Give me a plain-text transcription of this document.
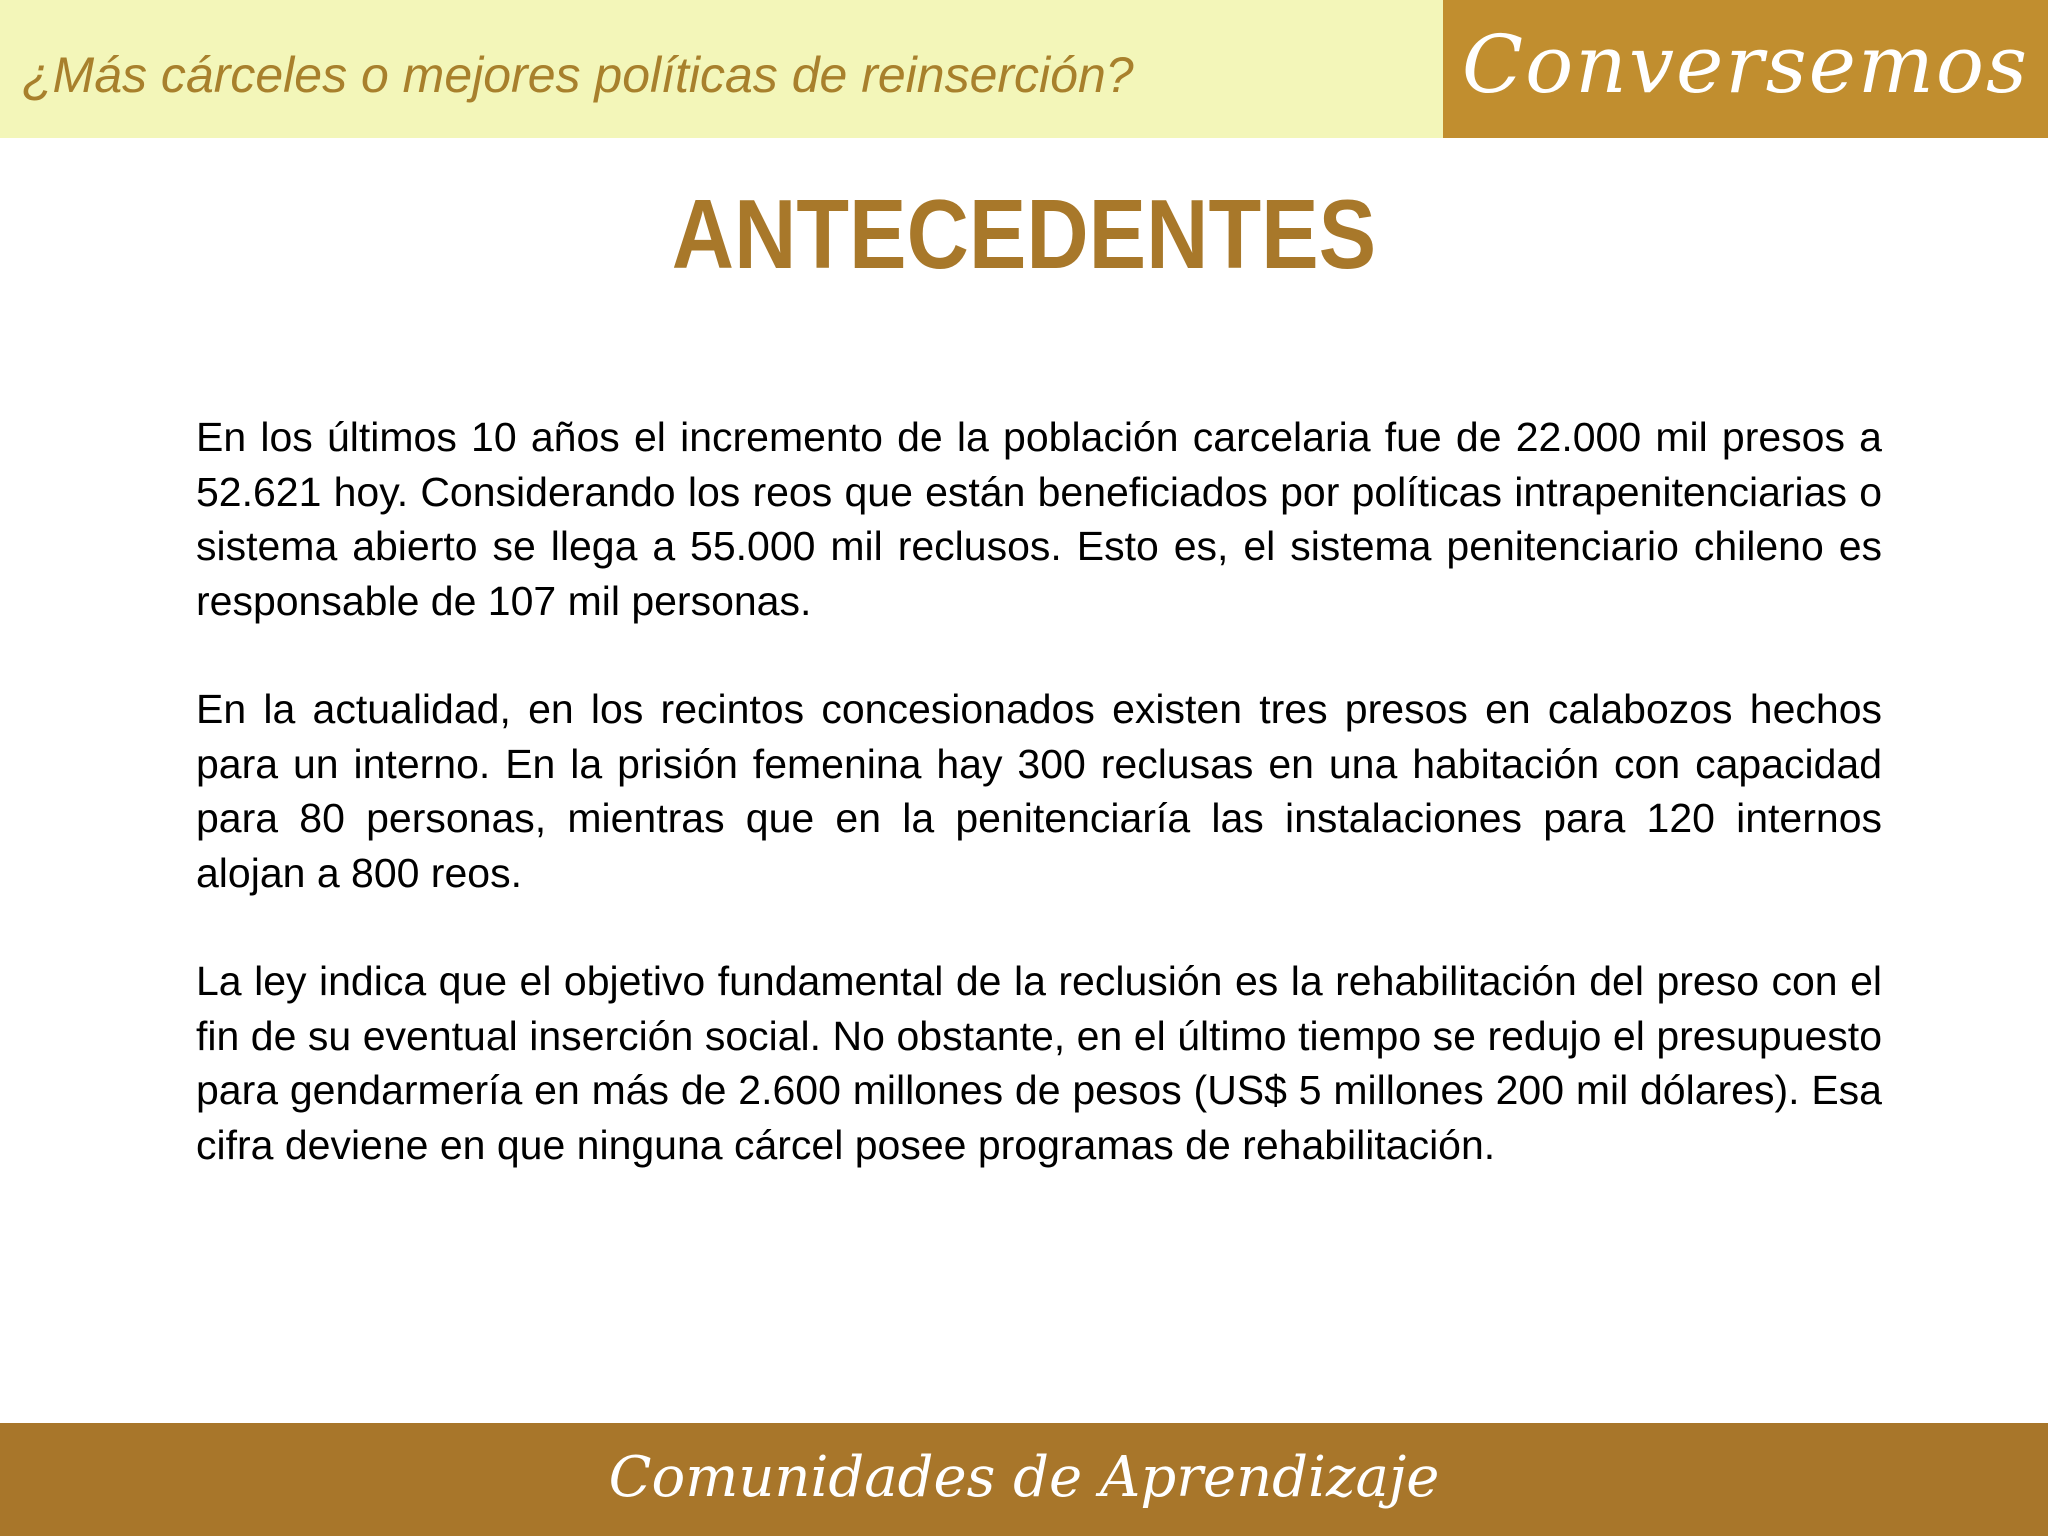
¿Más cárceles o mejores políticas de reinserción?	Conversemos
ANTECEDENTES

En los últimos 10 años el incremento de la población carcelaria fue de 22.000 mil presos a 52.621 hoy. Considerando los reos que están beneficiados por políticas intrapenitenciarias o sistema abierto se llega a 55.000 mil reclusos. Esto es, el sistema penitenciario chileno es responsable de 107 mil personas.

En la actualidad, en los recintos concesionados existen tres presos en calabozos hechos para un interno. En la prisión femenina hay 300 reclusas en una habitación con capacidad para 80 personas, mientras que en la penitenciaría las instalaciones para 120 internos alojan a 800 reos.

La ley indica que el objetivo fundamental de la reclusión es la rehabilitación del preso con el fin de su eventual inserción social. No obstante, en el último tiempo se redujo el presupuesto para gendarmería en más de 2.600 millones de pesos (US$ 5 millones 200 mil dólares). Esa cifra deviene en que ninguna cárcel posee programas de rehabilitación.

Comunidades de Aprendizaje
